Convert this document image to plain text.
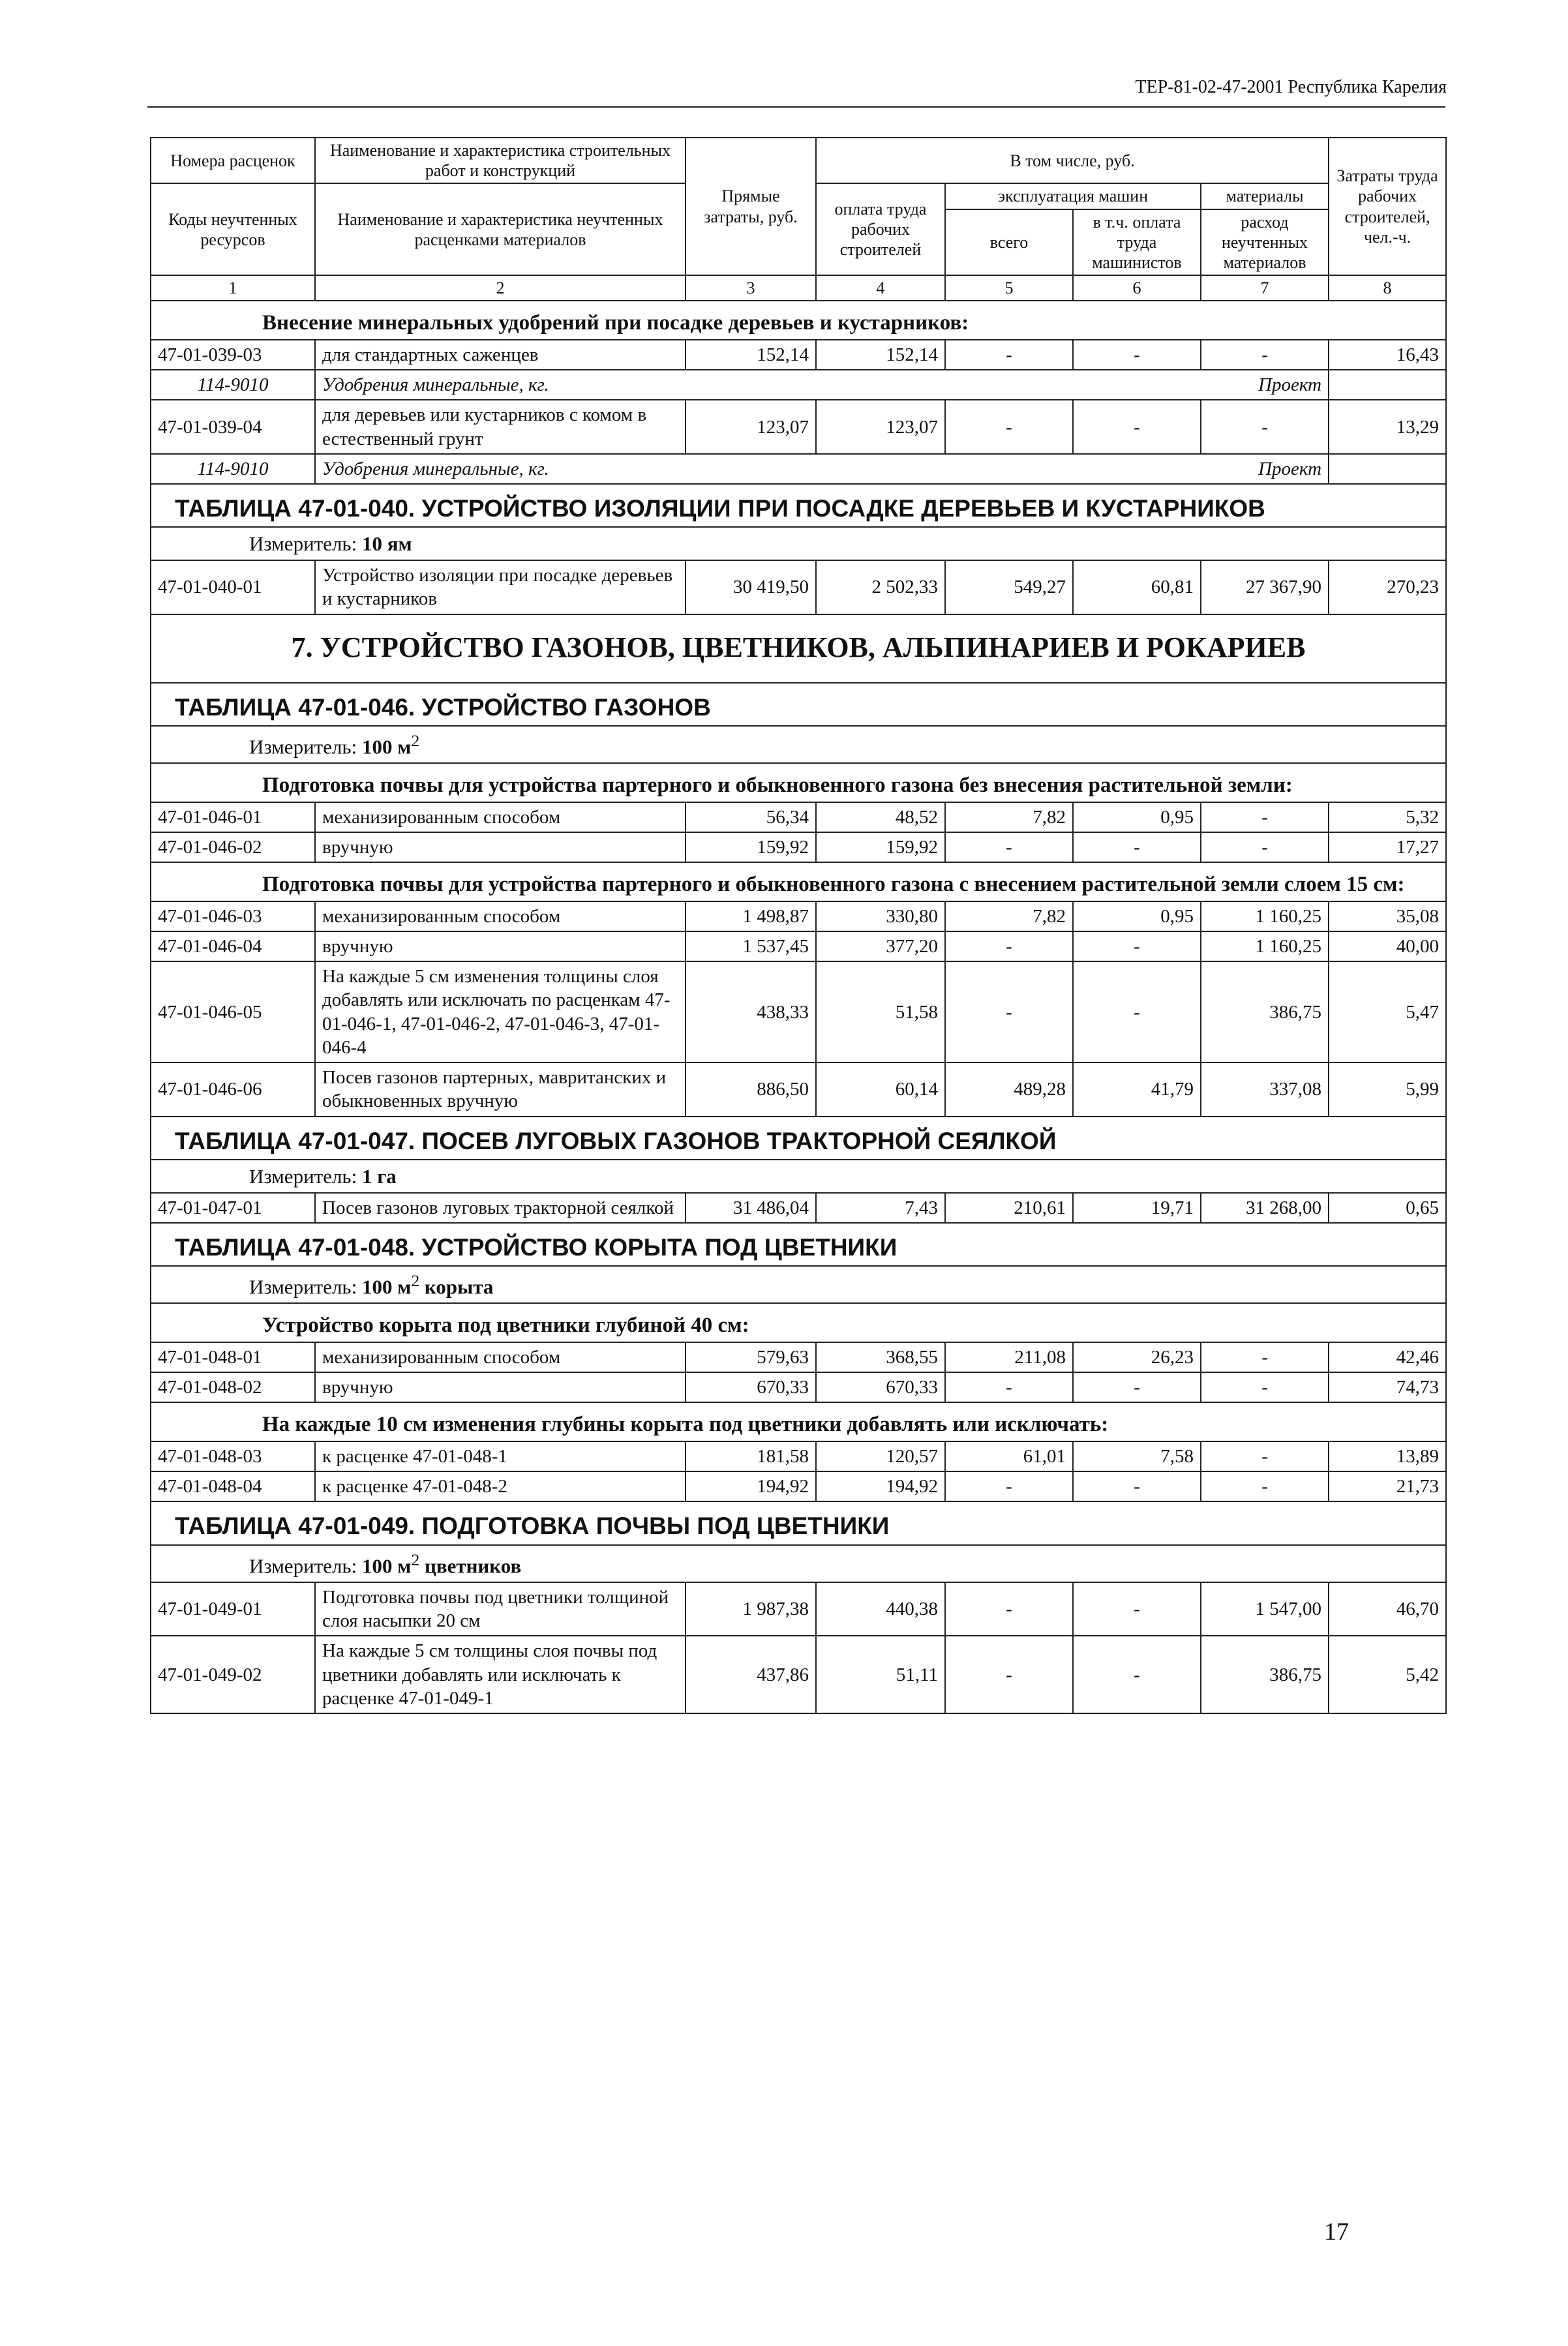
ТЕР-81-02-47-2001 Республика Карелия
Номера расценок	Наименование и характеристика строительных работ и конструкций	Прямые затраты, руб.	В том числе, руб.				Затраты труда рабочих строителей, чел.-ч.
Коды неучтенных ресурсов	Наименование и характеристика неучтенных расценками материалов		оплата труда рабочих строителей	эксплуатация машин		материалы	
				всего	в т.ч. оплата труда машинистов	расход неучтенных материалов	
1	2	3	4	5	6	7	8
Внесение минеральных удобрений при посадке деревьев и кустарников:							
47-01-039-03	для стандартных саженцев	152,14	152,14	-	-	-	16,43
114-9010	Удобрения минеральные, кг. Проект						

47-01-039-04	для деревьев или кустарников с комом в естественный грунт	123,07	123,07	-	-	-	13,29
114-9010	Удобрения минеральные, кг. Проект						

ТАБЛИЦА 47-01-040. УСТРОЙСТВО ИЗОЛЯЦИИ ПРИ ПОСАДКЕ ДЕРЕВЬЕВ И КУСТАРНИКОВ							
Измеритель: 10 ям							
47-01-040-01	Устройство изоляции при посадке деревьев и кустарников	30 419,50	2 502,33	549,27	60,81	27 367,90	270,23
7. УСТРОЙСТВО ГАЗОНОВ, ЦВЕТНИКОВ, АЛЬПИНАРИЕВ И РОКАРИЕВ							
ТАБЛИЦА 47-01-046. УСТРОЙСТВО ГАЗОНОВ							
Измеритель: 100 $м^2$
Подготовка почвы для устройства партерного и обыкновенного газона без внесения растительной земли:							
47-01-046-01	механизированным способом	56,34	48,52	7,82	0,95	-	5,32
47-01-046-02	вручную	159,92	159,92	-	-	-	17,27
Подготовка почвы для устройства партерного и обыкновенного газона с внесением растительной земли слоем 15 см:							
47-01-046-03	механизированным способом	1 498,87	330,80	7,82	0,95	1 160,25	35,08
47-01-046-04	вручную	1 537,45	377,20	-	-	1 160,25	40,00
47-01-046-05	На каждые 5 см изменения толщины слоя добавлять или исключать по расценкам 47-01-046-1, 47-01-046-2, 47-01-046-3, 47-01-046-4	438,33	51,58	-	-	386,75	5,47
47-01-046-06	Посев газонов партерных, мавританских и обыкновенных вручную	886,50	60,14	489,28	41,79	337,08	5,99
ТАБЛИЦА 47-01-047. ПОСЕВ ЛУГОВЫХ ГАЗОНОВ ТРАКТОРНОЙ СЕЯЛКОЙ							
Измеритель: 1 га							
47-01-047-01	Посев газонов луговых тракторной сеялкой	31 486,04	7,43	210,61	19,71	31 268,00	0,65
ТАБЛИЦА 47-01-048. УСТРОЙСТВО КОРЫТА ПОД ЦВЕТНИКИ							
Измеритель: 100 $м^2$ корыта							
Устройство корыта под цветники глубиной 40 см:							
47-01-048-01	механизированным способом	579,63	368,55	211,08	26,23	-	42,46
47-01-048-02	вручную	670,33	670,33	-	-	-	74,73
На каждые 10 см изменения глубины корыта под цветники добавлять или исключать:							
47-01-048-03	к расценке 47-01-048-1	181,58	120,57	61,01	7,58	-	13,89
47-01-048-04	к расценке 47-01-048-2	194,92	194,92	-	-	-	21,73
ТАБЛИЦА 47-01-049. ПОДГОТОВКА ПОЧВЫ ПОД ЦВЕТНИКИ							
Измеритель: 100 $м^2$ цветников							
47-01-049-01	Подготовка почвы под цветники толщиной слоя насыпки 20 см	1 987,38	440,38	-	-	1 547,00	46,70
47-01-049-02	На каждые 5 см толщины слоя почвы под цветники добавлять или исключать к расценке 47-01-049-1	437,86	51,11	-	-	386,75	5,42
17
